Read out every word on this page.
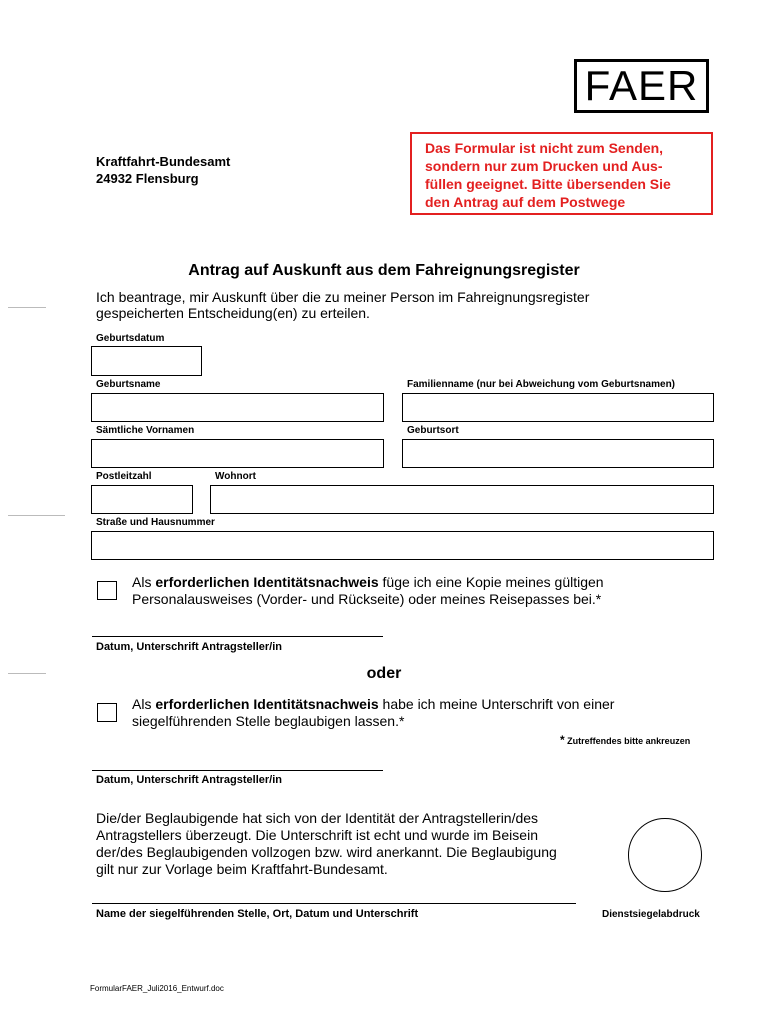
FAER
Das Formular ist nicht zum Senden,
sondern nur zum Drucken und Aus-
füllen geeignet. Bitte übersenden Sie
den Antrag auf dem Postwege
Kraftfahrt-Bundesamt
24932 Flensburg
Antrag auf Auskunft aus dem Fahreignungsregister
Ich beantrage, mir Auskunft über die zu meiner Person im Fahreignungsregister
gespeicherten Entscheidung(en) zu erteilen.
Geburtsdatum
Geburtsname	Familienname (nur bei Abweichung vom Geburtsnamen)
Sämtliche Vornamen	Geburtsort
Postleitzahl	Wohnort
Straße und Hausnummer
Als erforderlichen Identitätsnachweis füge ich eine Kopie meines gültigen
Personalausweises (Vorder- und Rückseite) oder meines Reisepasses bei.*
Datum, Unterschrift Antragsteller/in
oder
Als erforderlichen Identitätsnachweis habe ich meine Unterschrift von einer
siegelführenden Stelle beglaubigen lassen.*
* Zutreffendes bitte ankreuzen
Datum, Unterschrift Antragsteller/in
Die/der Beglaubigende hat sich von der Identität der Antragstellerin/des
Antragstellers überzeugt. Die Unterschrift ist echt und wurde im Beisein
der/des Beglaubigenden vollzogen bzw. wird anerkannt. Die Beglaubigung
gilt nur zur Vorlage beim Kraftfahrt-Bundesamt.
Name der siegelführenden Stelle, Ort, Datum und Unterschrift	Dienstsiegelabdruck
FormularFAER_Juli2016_Entwurf.doc
